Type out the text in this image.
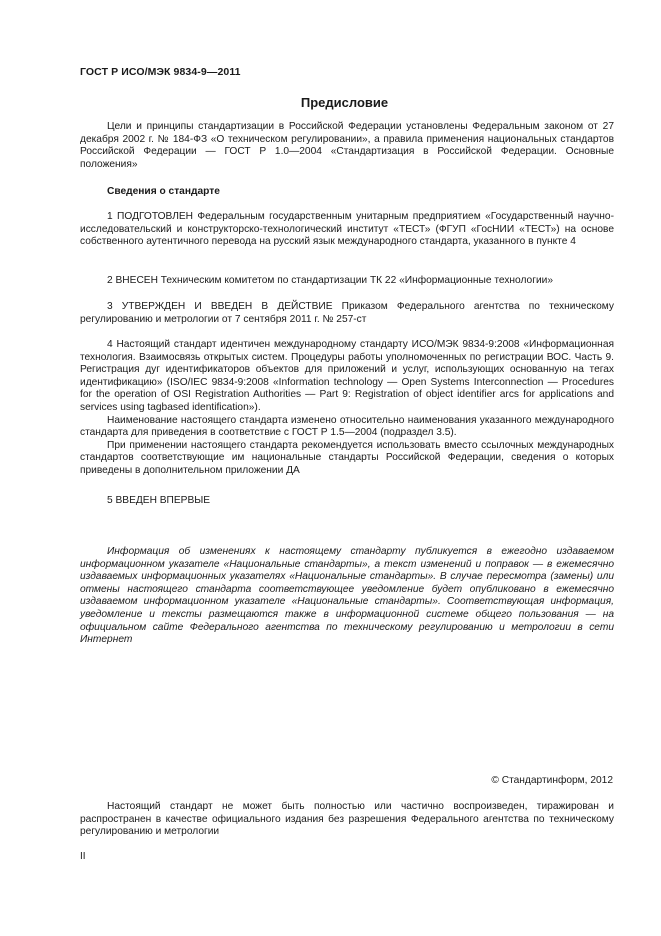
ГОСТ Р ИСО/МЭК 9834-9—2011
Предисловие

Цели и принципы стандартизации в Российской Федерации установлены Федеральным законом от 27 декабря 2002 г. № 184-ФЗ «О техническом регулировании», а правила применения национальных стандартов Российской Федерации — ГОСТ Р 1.0—2004 «Стандартизация в Российской Федерации. Основные положения»

Сведения о стандарте

1 ПОДГОТОВЛЕН Федеральным государственным унитарным предприятием «Государственный научно-исследовательский и конструкторско-технологический институт «ТЕСТ» (ФГУП «ГосНИИ «ТЕСТ») на основе собственного аутентичного перевода на русский язык международного стандарта, указанного в пункте 4

2 ВНЕСЕН Техническим комитетом по стандартизации ТК 22 «Информационные технологии»

3 УТВЕРЖДЕН И ВВЕДЕН В ДЕЙСТВИЕ Приказом Федерального агентства по техническому регулированию и метрологии от 7 сентября 2011 г. № 257-ст

4 Настоящий стандарт идентичен международному стандарту ИСО/МЭК 9834-9:2008 «Информационная технология. Взаимосвязь открытых систем. Процедуры работы уполномоченных по регистрации ВОС. Часть 9. Регистрация дуг идентификаторов объектов для приложений и услуг, использующих основанную на тегах идентификацию» (ISO/IEC 9834-9:2008 «Information technology — Open Systems Interconnection — Procedures for the operation of OSI Registration Authorities — Part 9: Registration of object identifier arcs for applications and services using tagbased identification»).

Наименование настоящего стандарта изменено относительно наименования указанного международного стандарта для приведения в соответствие с ГОСТ Р 1.5—2004 (подраздел 3.5).

При применении настоящего стандарта рекомендуется использовать вместо ссылочных международных стандартов соответствующие им национальные стандарты Российской Федерации, сведения о которых приведены в дополнительном приложении ДА

5 ВВЕДЕН ВПЕРВЫЕ

Информация об изменениях к настоящему стандарту публикуется в ежегодно издаваемом информационном указателе «Национальные стандарты», а текст изменений и поправок — в ежемесячно издаваемых информационных указателях «Национальные стандарты». В случае пересмотра (замены) или отмены настоящего стандарта соответствующее уведомление будет опубликовано в ежемесячно издаваемом информационном указателе «Национальные стандарты». Соответствующая информация, уведомление и тексты размещаются также в информационной системе общего пользования — на официальном сайте Федерального агентства по техническому регулированию и метрологии в сети Интернет

© Стандартинформ, 2012

Настоящий стандарт не может быть полностью или частично воспроизведен, тиражирован и распространен в качестве официального издания без разрешения Федерального агентства по техническому регулированию и метрологии

II
